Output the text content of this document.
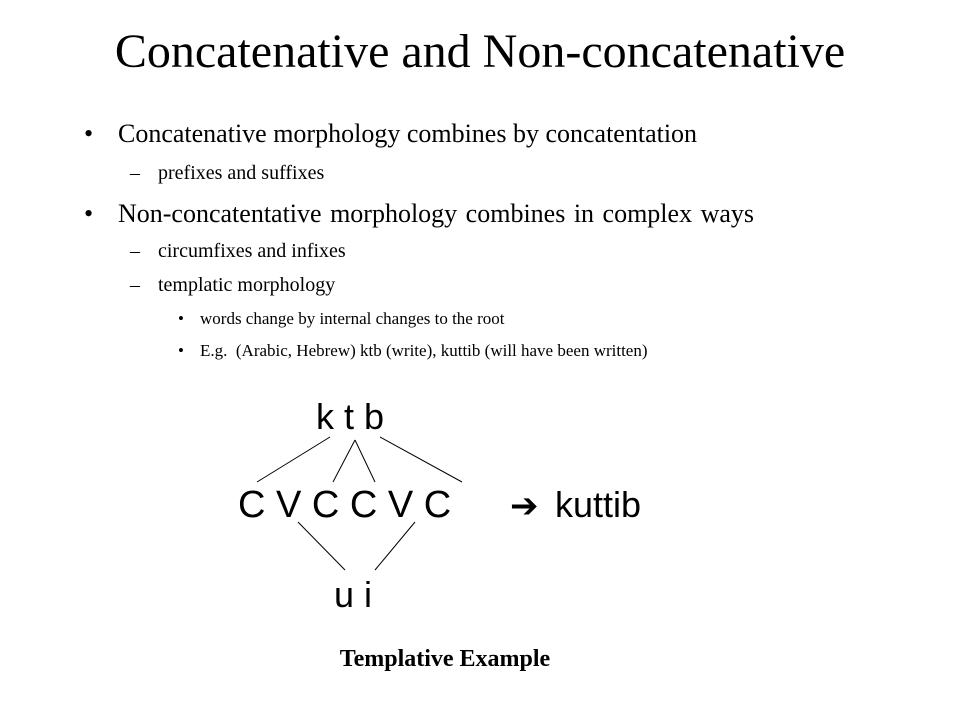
Concatenative and Non-concatenative
• Concatenative morphology combines by concatentation
– prefixes and suffixes
• Non-concatentative morphology combines in complex ways
– circumfixes and infixes
– templatic morphology
• words change by internal changes to the root
• E.g.  (Arabic, Hebrew) ktb (write), kuttib (will have been written)
k t b
C V C C V C ➔ kuttib
u i
Templative Example
